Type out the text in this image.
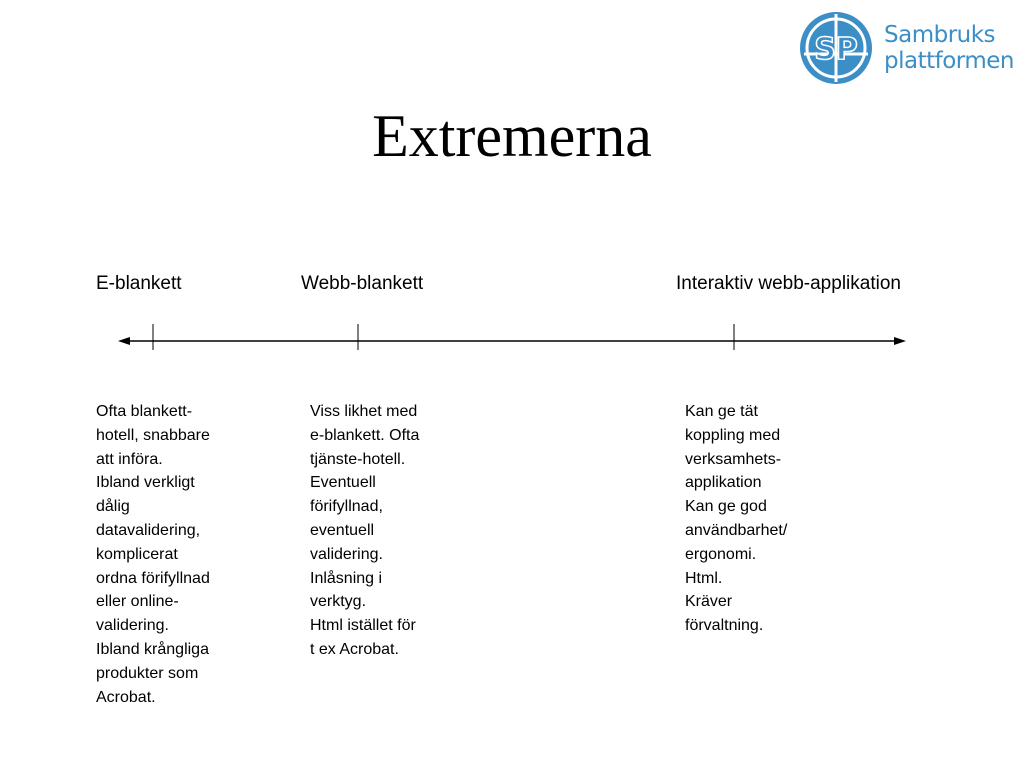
SP Sambruks
plattformen
Extremerna
E-blankett	Webb-blankett	Interaktiv webb-applikation
Ofta blankett-
hotell, snabbare
att införa.
Ibland verkligt
dålig
datavalidering,
komplicerat
ordna förifyllnad
eller online-
validering.
Ibland krångliga
produkter som
Acrobat.
Viss likhet med
e-blankett. Ofta
tjänste-hotell.
Eventuell
förifyllnad,
eventuell
validering.
Inlåsning i
verktyg.
Html istället för
t ex Acrobat.
Kan ge tät
koppling med
verksamhets-
applikation
Kan ge god
användbarhet/
ergonomi.
Html.
Kräver
förvaltning.
